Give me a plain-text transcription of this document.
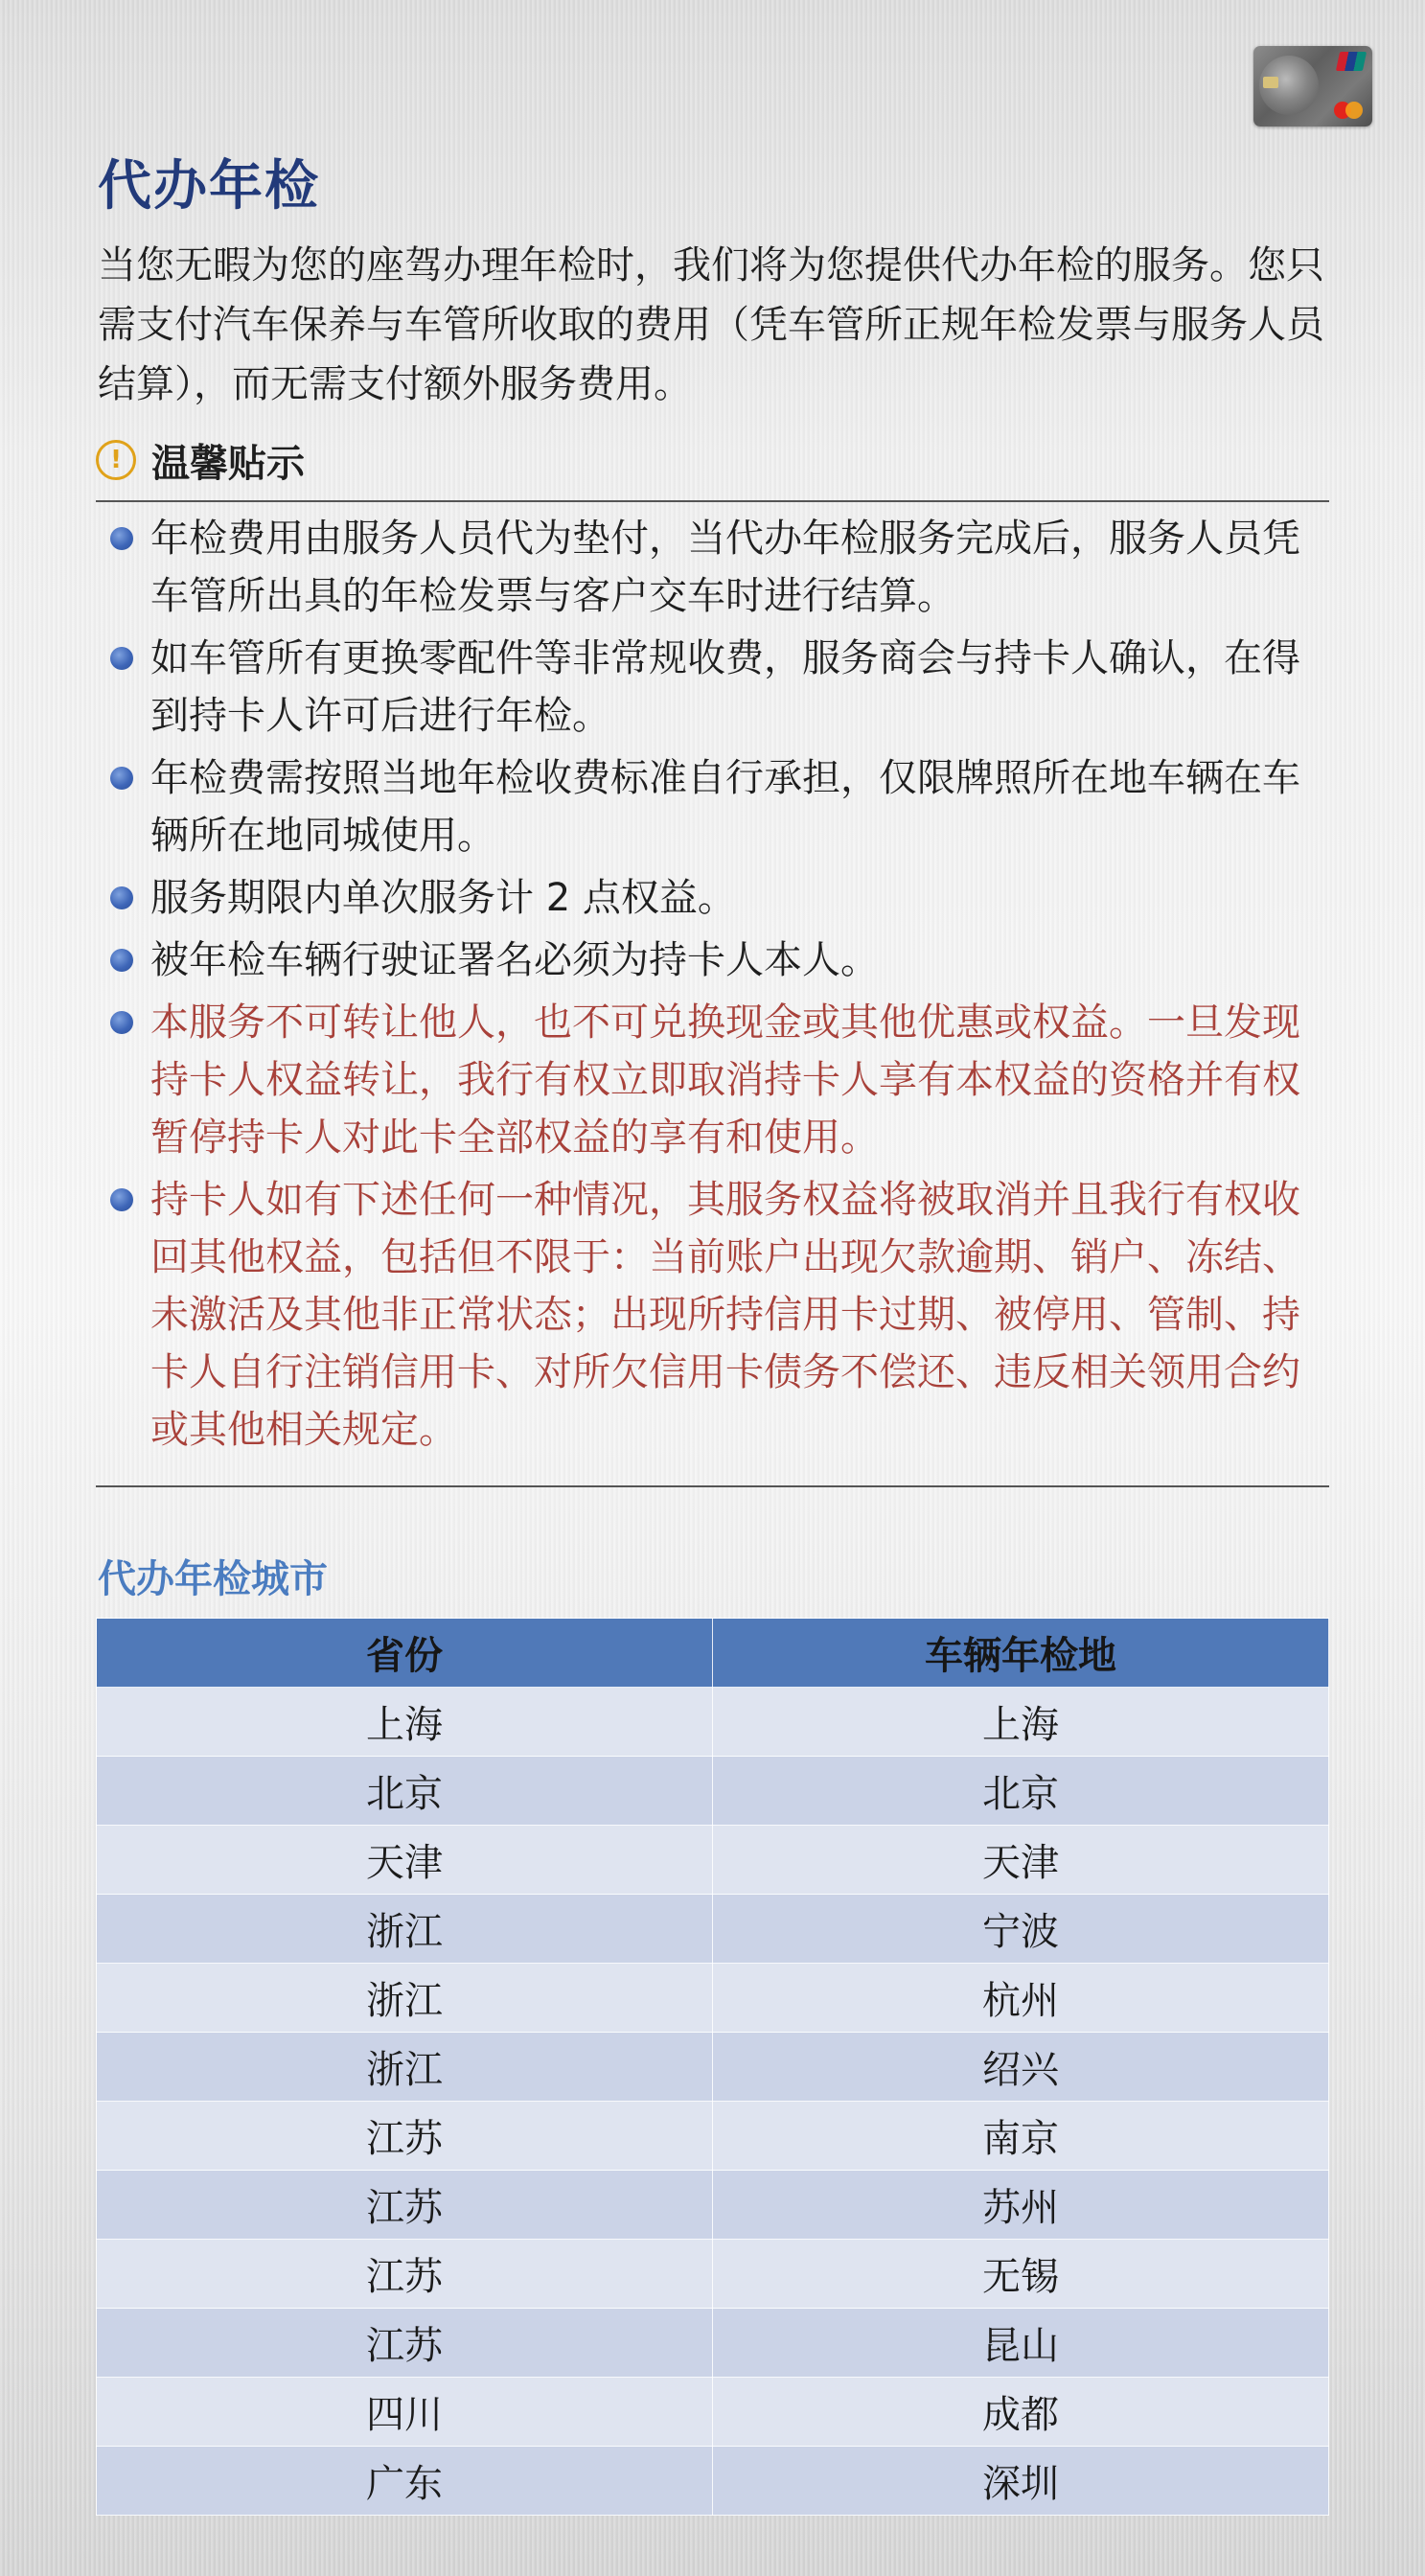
代办年检

当您无暇为您的座驾办理年检时，我们将为您提供代办年检的服务。您只需支付汽车保养与车管所收取的费用（凭车管所正规年检发票与服务人员结算），而无需支付额外服务费用。

! 温馨贴示
年检费用由服务人员代为垫付，当代办年检服务完成后，服务人员凭车管所出具的年检发票与客户交车时进行结算。
如车管所有更换零配件等非常规收费，服务商会与持卡人确认，在得到持卡人许可后进行年检。
年检费需按照当地年检收费标准自行承担，仅限牌照所在地车辆在车辆所在地同城使用。
服务期限内单次服务计 2 点权益。
被年检车辆行驶证署名必须为持卡人本人。
本服务不可转让他人，也不可兑换现金或其他优惠或权益。一旦发现持卡人权益转让，我行有权立即取消持卡人享有本权益的资格并有权暂停持卡人对此卡全部权益的享有和使用。
持卡人如有下述任何一种情况，其服务权益将被取消并且我行有权收回其他权益，包括但不限于：当前账户出现欠款逾期、销户、冻结、未激活及其他非正常状态；出现所持信用卡过期、被停用、管制、持卡人自行注销信用卡、对所欠信用卡债务不偿还、违反相关领用合约或其他相关规定。
代办年检城市
省份	车辆年检地
上海	上海
北京	北京
天津	天津
浙江	宁波
浙江	杭州
浙江	绍兴
江苏	南京
江苏	苏州
江苏	无锡
江苏	昆山
四川	成都
广东	深圳
